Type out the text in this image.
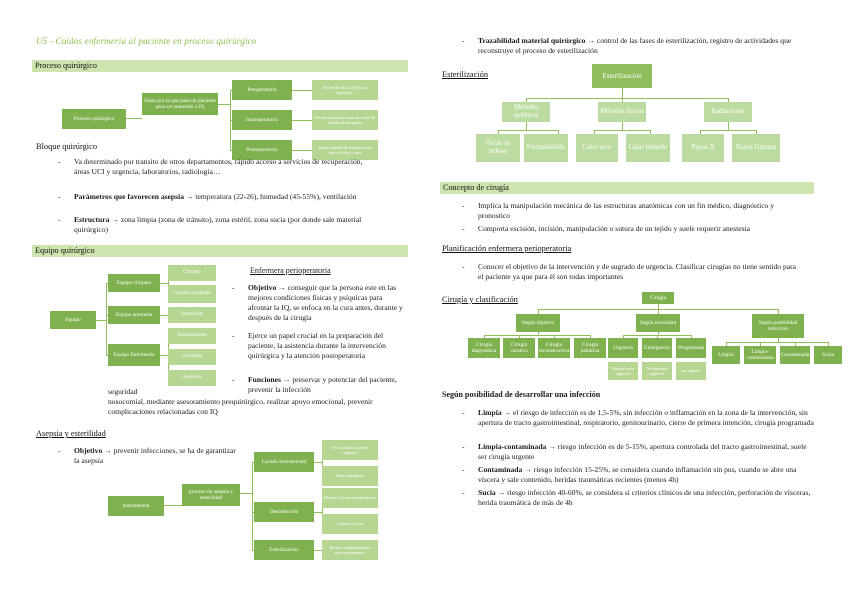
U5 - Cuidos enfermería al paciente en proceso quirúrgico
Proceso quirúrgico
Proceso quirúrgico
Fases por la que pasa un paciente para ser sometido a IQ
Preoperatorio
Intraoperatorio
Postoperatorio
Desde decidir la IQ hasta quirófano
Desde quirófano hasta que sale de unidad de despertar
Desde unidad de recuperación hasta el alta o casa
Bloque quirúrgico
-	Va determinado por transito de otros departamentos, rápido acceso a servicios de recuperación, áreas UCI y urgencia, laboratorios, radiología…
-	Parámetros que favorecen asepsia → temperatura (22-26), humedad (45-55%), ventilación
-	Estructura → zona limpia (zona de tránsito), zona estéril, zona sucia (por donde sale material quirúrgico)
Equipo quirúrgico
Equipo
Equipo cirujano
Equipo anestesia
Equipo Enfermería
Cirujano
Cirujano ayudantes
Anestesista
Instrumentista
Circulante
Anestesia
Enfermera perioperatoria
-	Objetivo → conseguir que la persona este en las mejores condiciones físicas y psíquicas para afrontar la IQ, se enfoca en la cura antes, durante y después de la cirugía
-	Ejerce un papel crucial en la preparación del paciente, la asistencia durante la intervención quirúrgica y la atención postoperatoria
-	Funciones → preservar y potenciar del paciente, prevenir la infección
seguridad
nosocomial, mediante asesoramiento prequirúrgico, realizar apoyo emocional, prevenir complicaciones relacionadas con IQ
Asepsia y esterilidad
-	Objetivo → prevenir infecciones, se ha de garantizar la asepsia
Instrumental
proceso de asepsia y esterilidad
Lavado instrumental
Desinfección
Esterilización
Se arrastra la materia orgánica
Bien enjuagado
Reducir los microorganismos
Aclarar y secar
Reduce completamente microorganismos
-	Trazabilidad material quirúrgico → control de las fases de esterilización, registro de actividades que reconstruye el proceso de esterilización
Esterilización	Esterilización
Métodos químicos
Métodos físicos	Radiaciones
Óxido de etileno
Formaldehído	Calor seco	Calor húmedo	Rayos X	Rayos Gamma
Concepto de cirugía
-	Implica la manipulación mecánica de las estructuras anatómicas con un fin médico, diagnóstico y pronostico
-	Comporta escisión, incisión, manipulación o sutura de un tejido y suele requerir anestesia
Planificación enfermera perioperatoria
-	Conocer el objetivo de la intervención y de sugrado de urgencia. Clasificar cirugías no tiene sentido para el paciente ya que para él son todas importantes
Cirugía y clasificación	Cirugía
Según objetivo	Según necesidad	Según posibilidad infección
Cirugía diagnóstica
Cirugía curativa
Cirugía reconstructiva
Cirugía paliativa
Urgencia	Emergencia	Programada
Basada en la urgencia
No depende urgencia
no urgente
Limpia
Limpia-contaminada
Contaminada	Sucia
Según posibilidad de desarrollar una infección
-	Limpia → el riesgo de infección es de 1,5-5%, sin infección o inflamación en la zona de la intervención, sin apertura de tracto gastrointestinal, respiratorio, genitourinario, cierre de primera intención, cirugía programada
-	Limpia-contaminada → riesgo infección es de 5-15%, apertura controlada del tracto gastrointestinal, suele ser cirugía urgente
-	Contaminada → riesgo infección 15-25%, se considera cuando inflamación sin pus, cuando se abre una víscera y sale contenido, heridas traumáticas recientes (menos 4h)
-	Sucia → riesgo infección 40-60%, se considera si criterios clínicos de una infección, perforación de vísceras, herida traumática de más de 4h
